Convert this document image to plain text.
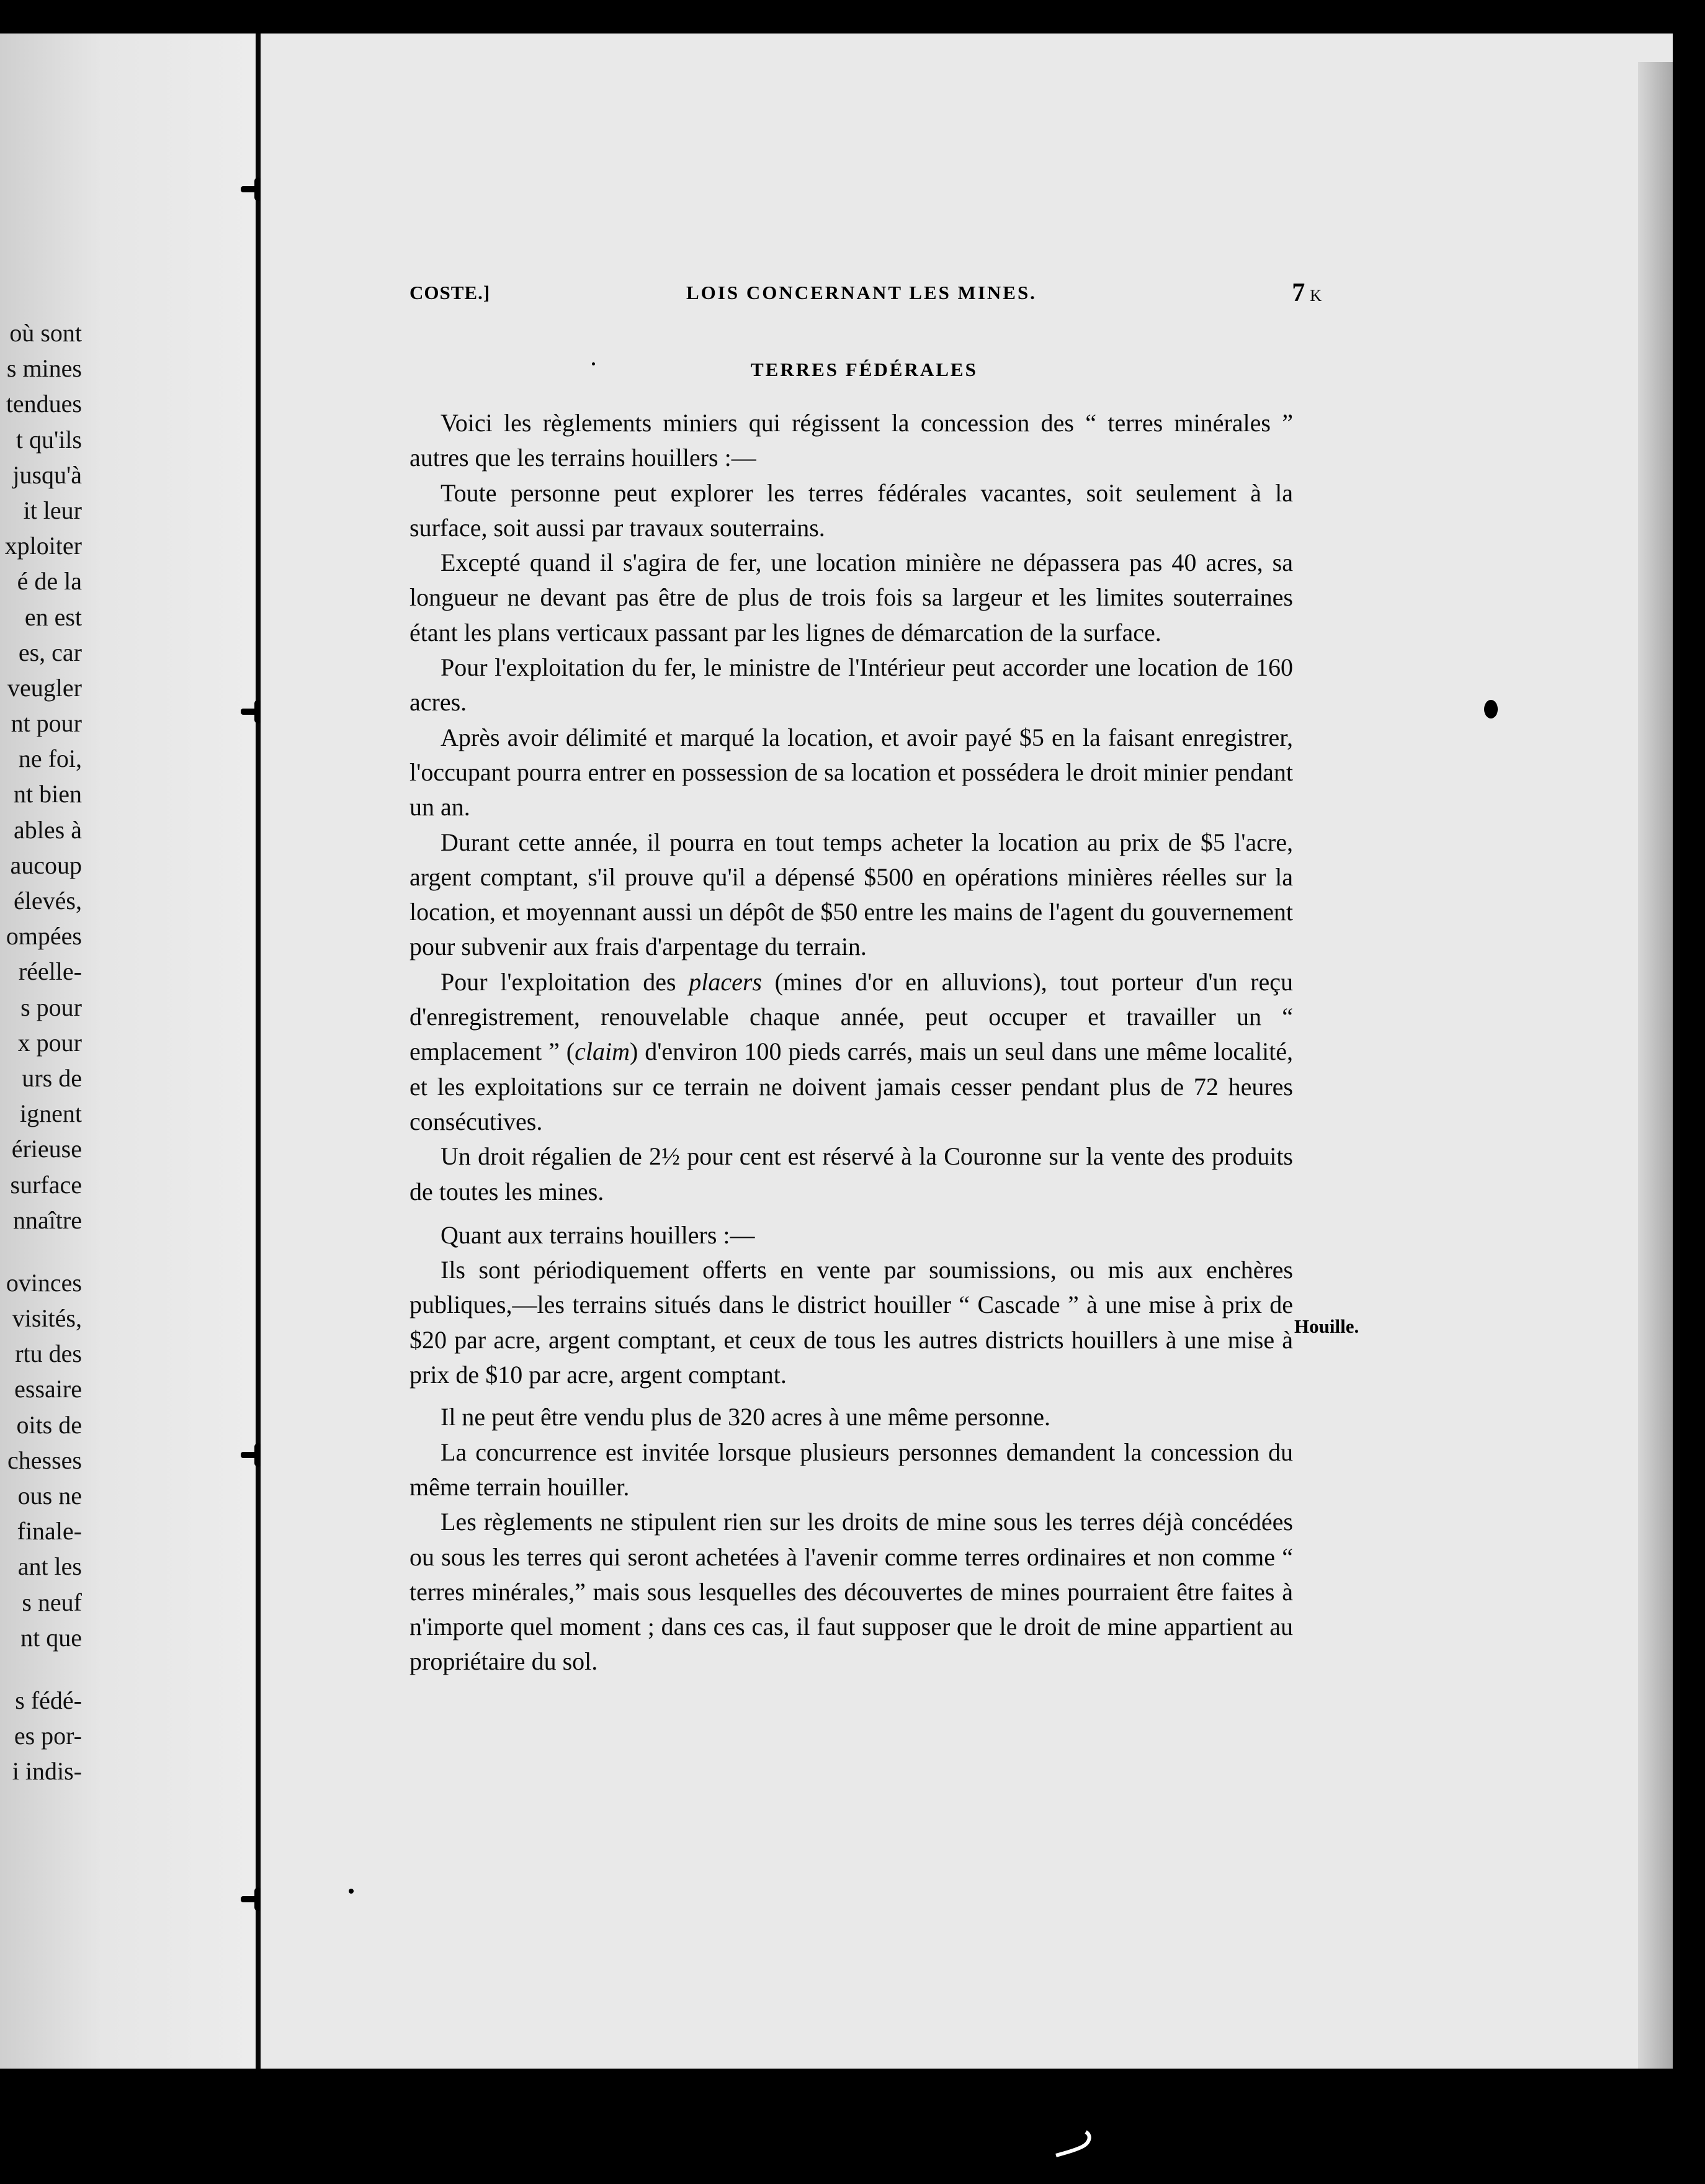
où sont
s mines
tendues
t qu'ils
jusqu'à
it leur
xploiter
é de la
en est
es, car
veugler
nt pour
ne foi,
nt bien
ables à
aucoup
élevés,
ompées
réelle-
s pour
x pour
urs de
ignent
érieuse
surface
nnaître
ovinces
visités,
rtu des
essaire
oits de
chesses
ous ne
finale-
ant les
s neuf
nt que
s fédé-
es por-
i indis-
COSTE.]	LOIS CONCERNANT LES MINES.	7 K
TERRES FÉDÉRALES

Voici les règlements miniers qui régissent la concession des “ terres minérales ” autres que les terrains houillers :—

Toute personne peut explorer les terres fédérales vacantes, soit seulement à la surface, soit aussi par travaux souterrains.

Excepté quand il s'agira de fer, une location minière ne dépassera pas 40 acres, sa longueur ne devant pas être de plus de trois fois sa largeur et les limites souterraines étant les plans verticaux passant par les lignes de démarcation de la surface.

Pour l'exploitation du fer, le ministre de l'Intérieur peut accorder une location de 160 acres.

Après avoir délimité et marqué la location, et avoir payé $5 en la faisant enregistrer, l'occupant pourra entrer en possession de sa location et possédera le droit minier pendant un an.

Durant cette année, il pourra en tout temps acheter la location au prix de $5 l'acre, argent comptant, s'il prouve qu'il a dépensé $500 en opérations minières réelles sur la location, et moyennant aussi un dépôt de $50 entre les mains de l'agent du gouvernement pour subvenir aux frais d'arpentage du terrain.

Pour l'exploitation des placers (mines d'or en alluvions), tout porteur d'un reçu d'enregistrement, renouvelable chaque année, peut occuper et travailler un “ emplacement ” (claim) d'environ 100 pieds carrés, mais un seul dans une même localité, et les exploitations sur ce terrain ne doivent jamais cesser pendant plus de 72 heures consécutives.

Un droit régalien de 2½ pour cent est réservé à la Couronne sur la vente des produits de toutes les mines.

Quant aux terrains houillers :—

Ils sont périodiquement offerts en vente par soumissions, ou mis aux enchères publiques,—les terrains situés dans le district houiller “ Cascade ” à une mise à prix de $20 par acre, argent comptant, et ceux de tous les autres districts houillers à une mise à prix de $10 par acre, argent comptant.

Il ne peut être vendu plus de 320 acres à une même personne.

La concurrence est invitée lorsque plusieurs personnes demandent la concession du même terrain houiller.

Les règlements ne stipulent rien sur les droits de mine sous les terres déjà concédées ou sous les terres qui seront achetées à l'avenir comme terres ordinaires et non comme “ terres minérales,” mais sous lesquelles des découvertes de mines pourraient être faites à n'importe quel moment ; dans ces cas, il faut supposer que le droit de mine appartient au propriétaire du sol.

Houille.
